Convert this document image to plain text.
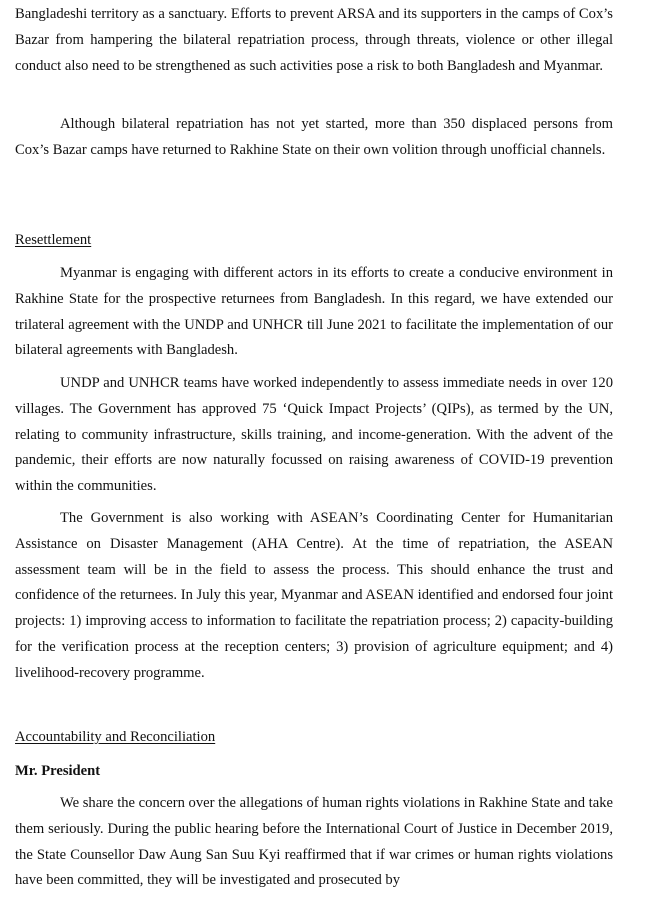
Bangladeshi territory as a sanctuary. Efforts to prevent ARSA and its supporters in the camps of Cox’s Bazar from hampering the bilateral repatriation process, through threats, violence or other illegal conduct also need to be strengthened as such activities pose a risk to both Bangladesh and Myanmar.

Although bilateral repatriation has not yet started, more than 350 displaced persons from Cox’s Bazar camps have returned to Rakhine State on their own volition through unofficial channels.

Resettlement

Myanmar is engaging with different actors in its efforts to create a conducive environment in Rakhine State for the prospective returnees from Bangladesh. In this regard, we have extended our trilateral agreement with the UNDP and UNHCR till June 2021 to facilitate the implementation of our bilateral agreements with Bangladesh.

UNDP and UNHCR teams have worked independently to assess immediate needs in over 120 villages. The Government has approved 75 ‘Quick Impact Projects’ (QIPs), as termed by the UN, relating to community infrastructure, skills training, and income-generation. With the advent of the pandemic, their efforts are now naturally focussed on raising awareness of COVID-19 prevention within the communities.

The Government is also working with ASEAN’s Coordinating Center for Humanitarian Assistance on Disaster Management (AHA Centre). At the time of repatriation, the ASEAN assessment team will be in the field to assess the process. This should enhance the trust and confidence of the returnees. In July this year, Myanmar and ASEAN identified and endorsed four joint projects: 1) improving access to information to facilitate the repatriation process; 2) capacity-building for the verification process at the reception centers; 3) provision of agriculture equipment; and 4) livelihood-recovery programme.

Accountability and Reconciliation
Mr. President

We share the concern over the allegations of human rights violations in Rakhine State and take them seriously. During the public hearing before the International Court of Justice in December 2019, the State Counsellor Daw Aung San Suu Kyi reaffirmed that if war crimes or human rights violations have been committed, they will be investigated and prosecuted by
